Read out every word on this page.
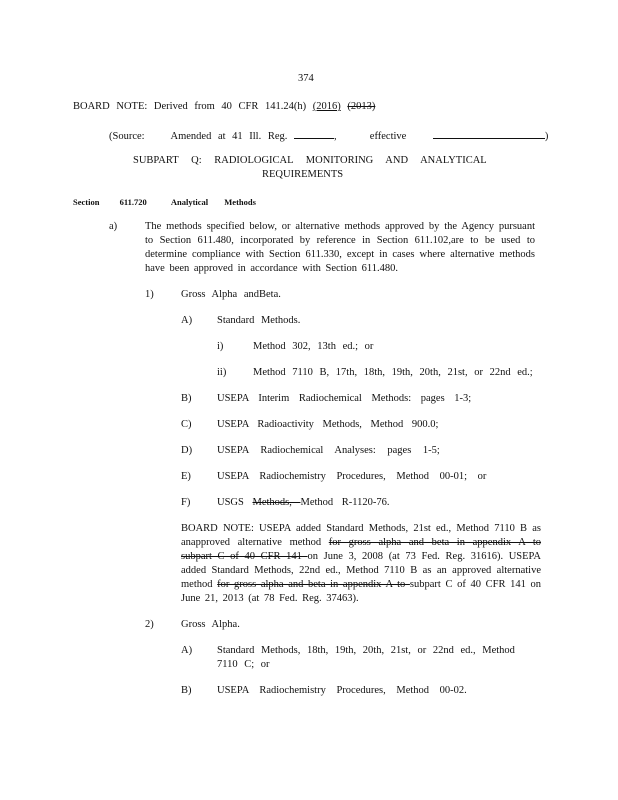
374
BOARD NOTE: Derived from 40 CFR 141.24(h) (2016) (2013)
(Source: Amended at 41 Ill. Reg.	,	effective	)
SUBPART Q: RADIOLOGICAL MONITORING AND ANALYTICAL
REQUIREMENTS
Section 611.720	Analytical Methods
a)	The methods specified below, or alternative methods approved by the Agency pursuant to Section 611.480, incorporated by reference in Section 611.102,are to be used to determine compliance with Section 611.330, except in cases where alternative methods have been approved in accordance with Section 611.480.
1)	Gross Alpha andBeta.
A) Standard Methods.
i)	Method 302, 13th ed.; or
ii)	Method 7110 B, 17th, 18th, 19th, 20th, 21st, or 22nd ed.;
B) USEPA Interim Radiochemical Methods: pages 1-3;
C) USEPA Radioactivity Methods, Method 900.0;
D) USEPA Radiochemical Analyses: pages 1-5;
E) USEPA Radiochemistry Procedures, Method 00-01; or
F)	USGS Methods, Method R-1120-76.
BOARD NOTE: USEPA added Standard Methods, 21st ed., Method 7110 B as anapproved alternative method for gross alpha and beta in appendix A to subpart C of 40 CFR 141 on June 3, 2008 (at 73 Fed. Reg. 31616). USEPA added Standard Methods, 22nd ed., Method 7110 B as an approved alternative method for gross alpha and beta in appendix A to subpart C of 40 CFR 141 on June 21, 2013 (at 78 Fed. Reg. 37463).
2)	Gross Alpha.
A) Standard Methods, 18th, 19th, 20th, 21st, or 22nd ed., Method
7110 C; or
B) USEPA Radiochemistry Procedures, Method 00-02.
